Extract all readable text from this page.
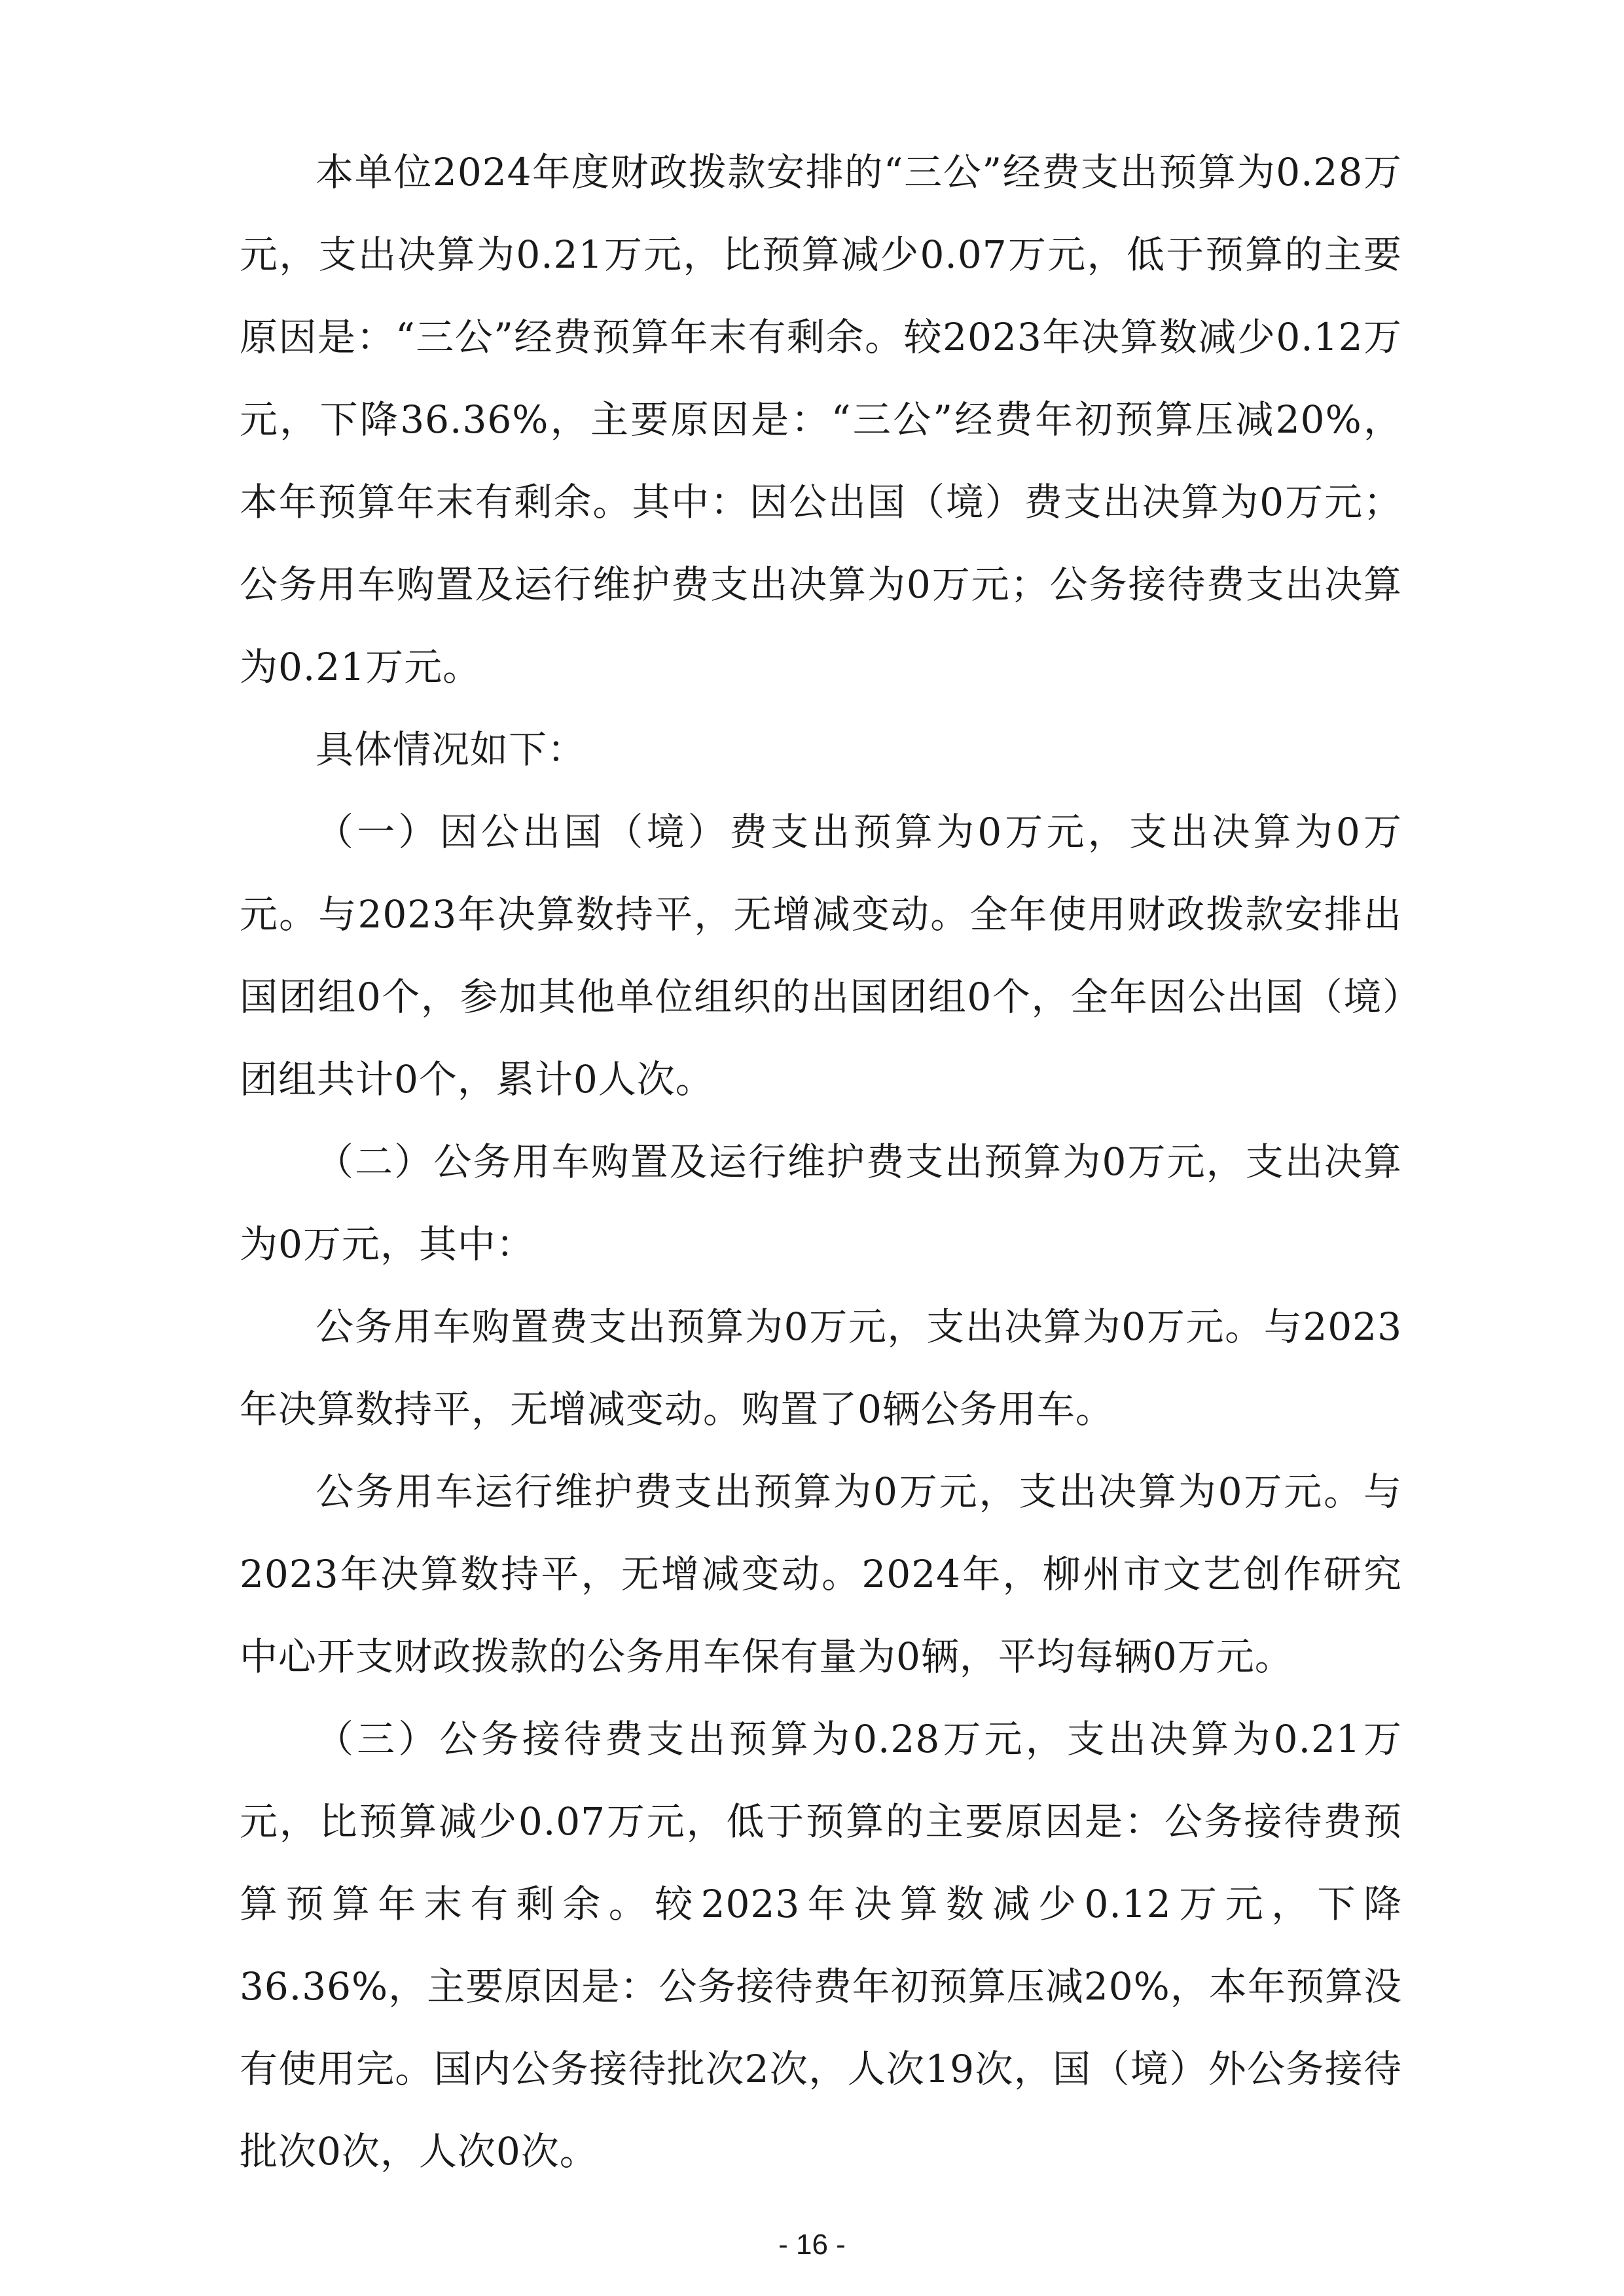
本单位2024年度财政拨款安排的“三公”经费支出预算为0.28万元，支出决算为0.21万元，比预算减少0.07万元，低于预算的主要原因是：“三公”经费预算年末有剩余。较2023年决算数减少0.12万元，下降36.36%，主要原因是：“三公”经费年初预算压减20%，本年预算年末有剩余。其中：因公出国（境）费支出决算为0万元；公务用车购置及运行维护费支出决算为0万元；公务接待费支出决算为0.21万元。

具体情况如下：

（一）因公出国（境）费支出预算为0万元，支出决算为0万元。与2023年决算数持平，无增减变动。全年使用财政拨款安排出国团组0个，参加其他单位组织的出国团组0个，全年因公出国（境）团组共计0个，累计0人次。

（二）公务用车购置及运行维护费支出预算为0万元，支出决算为0万元，其中：

公务用车购置费支出预算为0万元，支出决算为0万元。与2023年决算数持平，无增减变动。购置了0辆公务用车。

公务用车运行维护费支出预算为0万元，支出决算为0万元。与2023年决算数持平，无增减变动。2024年，柳州市文艺创作研究中心开支财政拨款的公务用车保有量为0辆，平均每辆0万元。

（三）公务接待费支出预算为0.28万元，支出决算为0.21万元，比预算减少0.07万元，低于预算的主要原因是：公务接待费预算预算年末有剩余。较2023年决算数减少0.12万元，下降36.36%，主要原因是：公务接待费年初预算压减20%，本年预算没有使用完。国内公务接待批次2次，人次19次，国（境）外公务接待批次0次，人次0次。

- 16 -
